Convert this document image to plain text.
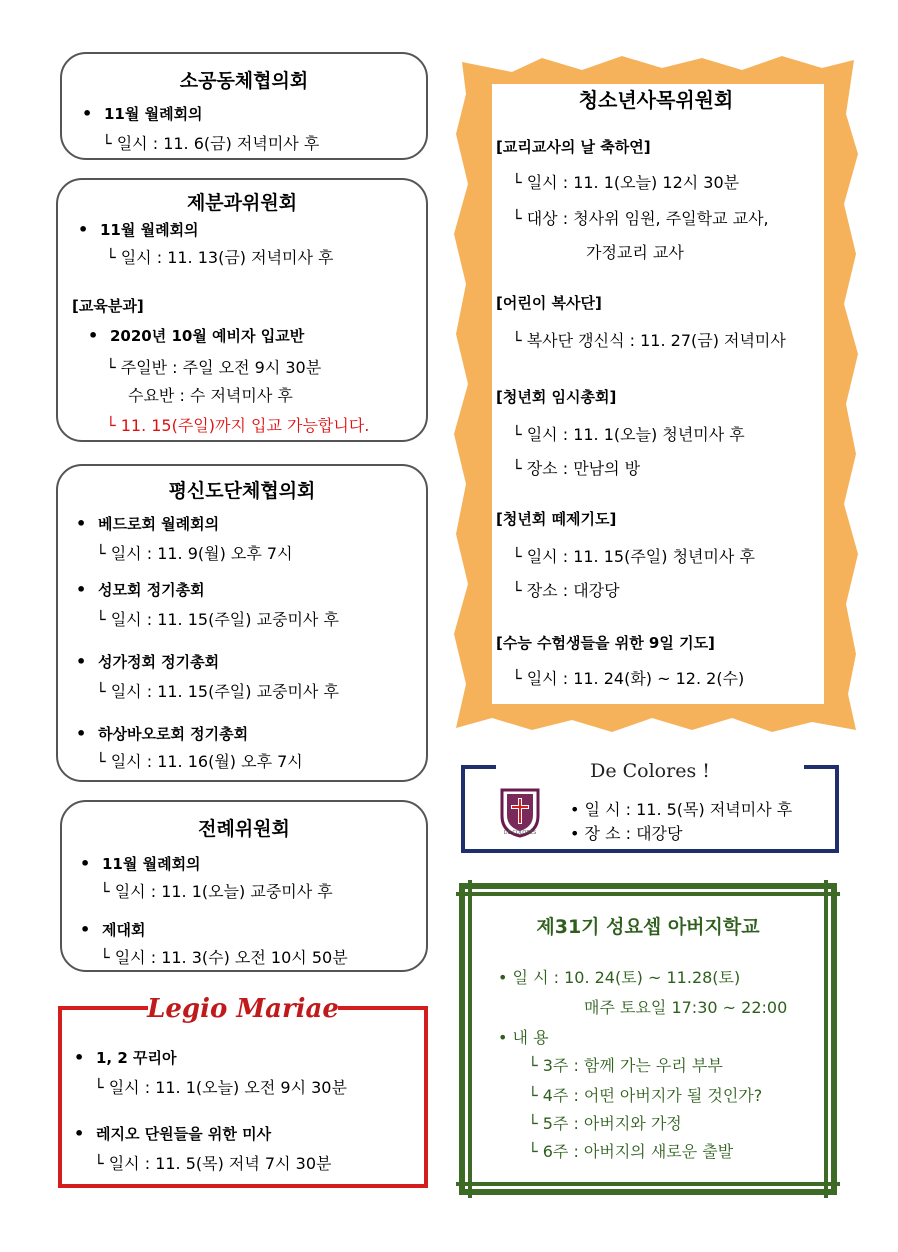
소공동체협의회
• 11월 월례회의
└ 일시 : 11. 6(금) 저녁미사 후
제분과위원회
• 11월 월례회의
└ 일시 : 11. 13(금) 저녁미사 후
[교육분과]
• 2020년 10월 예비자 입교반
└ 주일반 : 주일 오전 9시 30분
수요반 : 수 저녁미사 후
└ 11. 15(주일)까지 입교 가능합니다.
평신도단체협의회
• 베드로회 월례회의
└ 일시 : 11. 9(월) 오후 7시
• 성모회 정기총회
└ 일시 : 11. 15(주일) 교중미사 후
• 성가정회 정기총회
└ 일시 : 11. 15(주일) 교중미사 후
• 하상바오로회 정기총회
└ 일시 : 11. 16(월) 오후 7시
전례위원회
• 11월 월례회의
└ 일시 : 11. 1(오늘) 교중미사 후
• 제대회
└ 일시 : 11. 3(수) 오전 10시 50분
Legio Mariae
• 1, 2 꾸리아
└ 일시 : 11. 1(오늘) 오전 9시 30분
• 레지오 단원들을 위한 미사
└ 일시 : 11. 5(목) 저녁 7시 30분
청소년사목위원회
[교리교사의 날 축하연]
└ 일시 : 11. 1(오늘) 12시 30분
└ 대상 : 청사위 임원, 주일학교 교사,
가정교리 교사
[어린이 복사단]
└ 복사단 갱신식 : 11. 27(금) 저녁미사
[청년회 임시총회]
└ 일시 : 11. 1(오늘) 청년미사 후
└ 장소 : 만남의 방
[청년회 떼제기도]
└ 일시 : 11. 15(주일) 청년미사 후
└ 장소 : 대강당
[수능 수험생들을 위한 9일 기도]
└ 일시 : 11. 24(화) ~ 12. 2(수)
De Colores !
DE COLORES
• 일 시 : 11. 5(목) 저녁미사 후
• 장 소 : 대강당
제31기 성요셉 아버지학교
• 일 시 : 10. 24(토) ~ 11.28(토)
매주 토요일 17:30 ~ 22:00
• 내 용
└ 3주 : 함께 가는 우리 부부
└ 4주 : 어떤 아버지가 될 것인가?
└ 5주 : 아버지와 가정
└ 6주 : 아버지의 새로운 출발
